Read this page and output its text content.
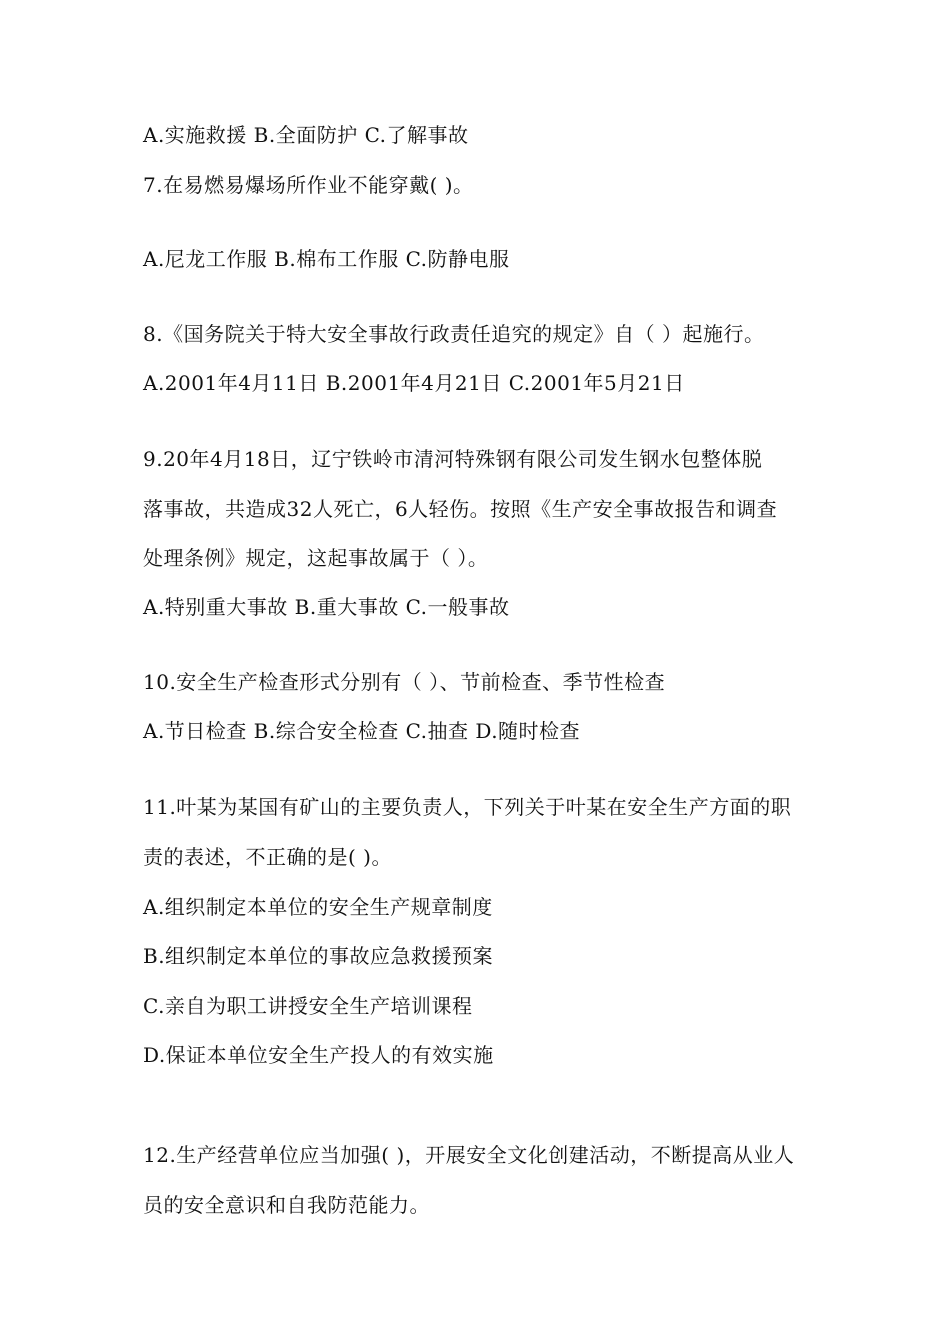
A.实施救援 B.全面防护 C.了解事故
7.在易燃易爆场所作业不能穿戴( )。
A.尼龙工作服 B.棉布工作服 C.防静电服
8.《国务院关于特大安全事故行政责任追究的规定》自（ ）起施行。
A.2001年4月11日 B.2001年4月21日 C.2001年5月21日
9.20年4月18日，辽宁铁岭市清河特殊钢有限公司发生钢水包整体脱
落事故，共造成32人死亡，6人轻伤。按照《生产安全事故报告和调查
处理条例》规定，这起事故属于（ ）。
A.特别重大事故 B.重大事故 C.一般事故
10.安全生产检查形式分别有（ ）、节前检查、季节性检查
A.节日检查 B.综合安全检查 C.抽查 D.随时检查
11.叶某为某国有矿山的主要负责人，下列关于叶某在安全生产方面的职
责的表述，不正确的是( )。
A.组织制定本单位的安全生产规章制度
B.组织制定本单位的事故应急救援预案
C.亲自为职工讲授安全生产培训课程
D.保证本单位安全生产投人的有效实施
12.生产经营单位应当加强( )，开展安全文化创建活动，不断提高从业人
员的安全意识和自我防范能力。
